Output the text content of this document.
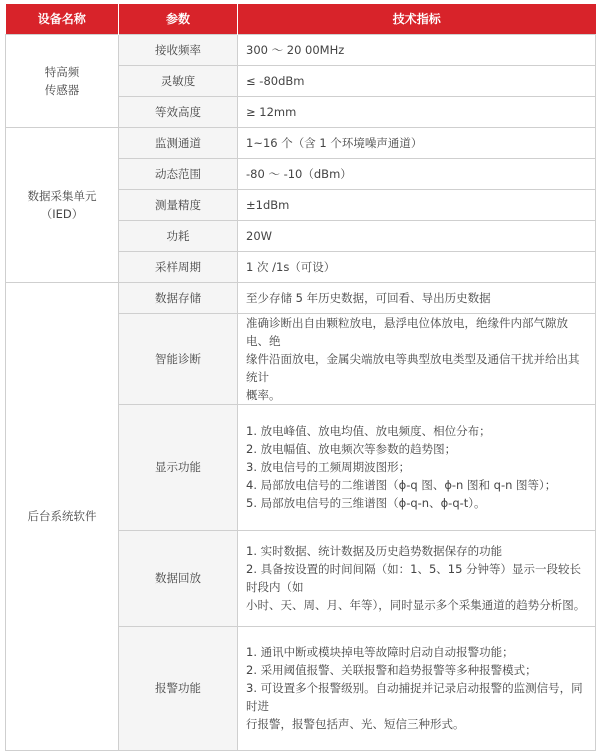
设备名称	参数	技术指标

特高频
传感器	接收频率	300 ～ 20 00MHz

	灵敏度	≤ -80dBm

	等效高度	≥ 12mm

数据采集单元
（IED）	监测通道	1~16 个（含 1 个环境噪声通道）

	动态范围	-80 ～ -10（dBm）

	测量精度	±1dBm

	功耗	20W

	采样周期	1 次 /1s（可设）

后台系统软件	数据存储	至少存储 5 年历史数据，可回看、导出历史数据

	智能诊断	准确诊断出自由颗粒放电，悬浮电位体放电，绝缘件内部气隙放电、绝
缘件沿面放电，金属尖端放电等典型放电类型及通信干扰并给出其统计
概率。

	显示功能	1. 放电峰值、放电均值、放电频度、相位分布；
2. 放电幅值、放电频次等参数的趋势图；
3. 放电信号的工频周期波图形；
4. 局部放电信号的二维谱图（ϕ-q 图、ϕ-n 图和 q-n 图等）；
5. 局部放电信号的三维谱图（ϕ-q-n、ϕ-q-t）。

	数据回放	1. 实时数据、统计数据及历史趋势数据保存的功能
2. 具备按设置的时间间隔（如：1、5、15 分钟等）显示一段较长时段内（如
小时、天、周、月、年等），同时显示多个采集通道的趋势分析图。

	报警功能	1. 通讯中断或模块掉电等故障时启动自动报警功能；
2. 采用阈值报警、关联报警和趋势报警等多种报警模式；
3. 可设置多个报警级别。自动捕捉并记录启动报警的监测信号，同时进
行报警，报警包括声、光、短信三种形式。
